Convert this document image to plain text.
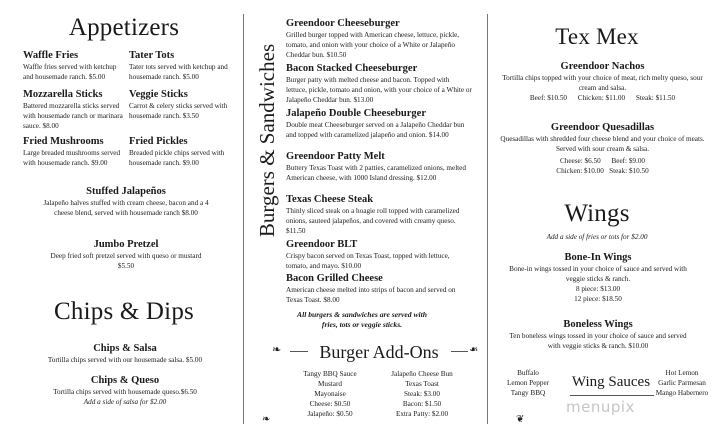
Appetizers
Waffle Fries
Waffle fries served with ketchup and housemade ranch. $5.00
Tater Tots
Tater tots served with ketchup and housemade ranch. $5.00
Mozzarella Sticks
Battered mozzarella sticks served with housemade ranch or marinara sauce. $8.00
Veggie Sticks
Carrot & celery sticks served with housemade ranch. $3.50
Fried Mushrooms
Large breaded mushrooms served with housemade ranch. $9.00
Fried Pickles
Breaded pickle chips served with housemade ranch. $9.00
Stuffed Jalapeños
Jalapeño halves stuffed with cream cheese, bacon and a 4 cheese blend, served with housemade ranch $8.00
Jumbo Pretzel
Deep fried soft pretzel served with queso or mustard $5.50
Chips & Dips
Chips & Salsa
Tortilla chips served with our housemade salsa. $5.00
Chips & Queso
Tortilla chips served with housemade queso.$6.50
Add a side of salsa for $2.00
Burgers & Sandwiches
Greendoor Cheeseburger
Grilled burger topped with American cheese, lettuce, pickle, tomato, and onion with your choice of a White or Jalapeño Cheddar bun. $10.50
Bacon Stacked Cheeseburger
Burger patty with melted cheese and bacon. Topped with lettuce, pickle, tomato and onion, with your choice of a White or Jalapeño Cheddar bun. $13.00
Jalapeño Double Cheeseburger
Double meat Cheeseburger served on a Jalapeño Cheddar bun and topped with caramelized jalapeño and onion. $14.00
Greendoor Patty Melt
Buttery Texas Toast with 2 patties, caramelized onions, melted American cheese, with 1000 Island dressing. $12.00
Texas Cheese Steak
Thinly sliced steak on a hoagie roll topped with caramelized onions, sauteed jalapeños, and covered with creamy queso. $11.50
Greendoor BLT
Crispy bacon served on Texas Toast, topped with lettuce, tomato, and mayo. $10.00
Bacon Grilled Cheese
American cheese melted into strips of bacon and served on Texas Toast. $8.00
All burgers & sandwiches are served with fries, tots or veggie sticks.
❧	Burger Add-Ons	❧
Tangy BBQ Sauce
Mustard
Mayonaise
Cheese: $0.50
Jalapeño: $0.50
Jalapeño Cheese Bun
Texas Toast
Steak: $3.00
Bacon: $1.50
Extra Patty: $2.00
Tex Mex
Greendoor Nachos
Tortilla chips topped with your choice of meat, rich melty queso, sour cream and salsa.
Beef: $10.50      Chicken: $11.00      Steak: $11.50
Greendoor Quesadillas
Quesadillas with shredded four cheese blend and your choice of meats. Served with sour cream & salsa.
Cheese: $6.50      Beef: $9.00
Chicken: $10.00   Steak: $10.50
Wings
Add a side of fries or tots for $2.00
Bone-In Wings
Bone-in wings tossed in your choice of sauce and served with veggie sticks & ranch.
8 piece: $13.00
12 piece: $18.50
Boneless Wings
Ten boneless wings tossed in your choice of sauce and served with veggie sticks & ranch. $10.00
Buffalo
Lemon Pepper
Tangy BBQ
Wing Sauces
Hot Lemon
Garlic Parmesan
Mango Habernero
menupix
❧	❦
